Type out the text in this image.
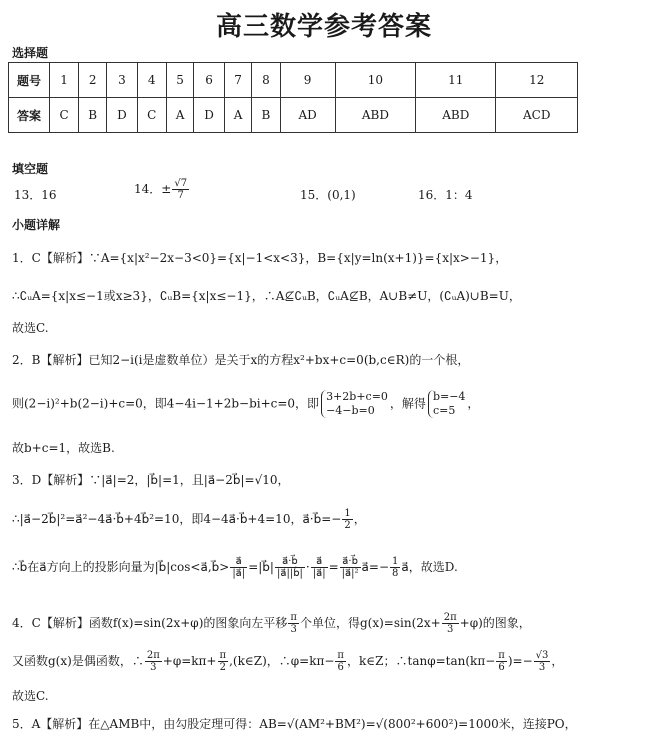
高三数学参考答案
选择题
题号	1	2	3	4	5	6	7	8	9	10	11	12
答案	C	B	D	C	A	D	A	B	AD	ABD	ABD	ACD
填空题
13．16	14．± $\frac{√7}{7}$	15．(0,1)	16．1：4
小题详解
1．C【解析】∵A={x|x²−2x−3<0}={x|−1<x<3}，B={x|y=ln(x+1)}={x|x>−1}，
∴∁ᵤA={x|x≤−1或x≥3}，∁ᵤB={x|x≤−1}，∴A⊈∁ᵤB，∁ᵤA⊈B，A∪B≠U，(∁ᵤA)∪B=U，
故选C.
2．B【解析】已知2−i(i是虚数单位）是关于x的方程x²+bx+c=0(b,c∈R)的一个根，
则(2−i)²+b(2−i)+c=0，即4−4i−1+2b−bi+c=0，即 3+2b+c=0
−4−b=0	，解得 b=−4
c=5	，
故b+c=1，故选B.
3．D【解析】∵|a⃗|=2，|b⃗|=1，且|a⃗−2b⃗|=√10，
∴|a⃗−2b⃗|²=a⃗²−4a⃗·b⃗+4b⃗²=10，即4−4a⃗·b⃗+4=10，a⃗·b⃗=− $\frac{1}{2}$ ，
∴b⃗在a⃗方向上的投影向量为|b⃗|cos<a⃗,b⃗> $\frac{a⃗}{|a⃗|}$ =|b⃗| $\frac{a⃗\cdot b⃗}{|a⃗||b⃗|} \cdot \frac{a⃗}{|a⃗|} = \frac{a⃗\cdot b⃗}{\text{|a⃗|²}}$ a⃗=− $\frac{1}{8}$ a⃗，故选D.
4．C【解析】函数f(x)=sin(2x+φ)的图象向左平移 $\frac{\pi}{3}$ 个单位，得$g(x)=\sin(2x+ \frac{2\pi}{3} +\varphi)$的图象，
又函数g(x)是偶函数，∴ $\frac{2\pi}{3} +\varphi=k\pi+ \frac{\pi}{2}$ ,(k∈Z)，∴φ=kπ− $\frac{\pi}{6}$ ，k∈Z；∴tanφ=tan(kπ− $\frac{\pi}{6}$ )=− $\frac{√3}{3}$ ，
故选C.
5．A【解析】在△AMB中，由勾股定理可得：AB=√(AM²+BM²)=√(800²+600²)=1000米，连接PO，
